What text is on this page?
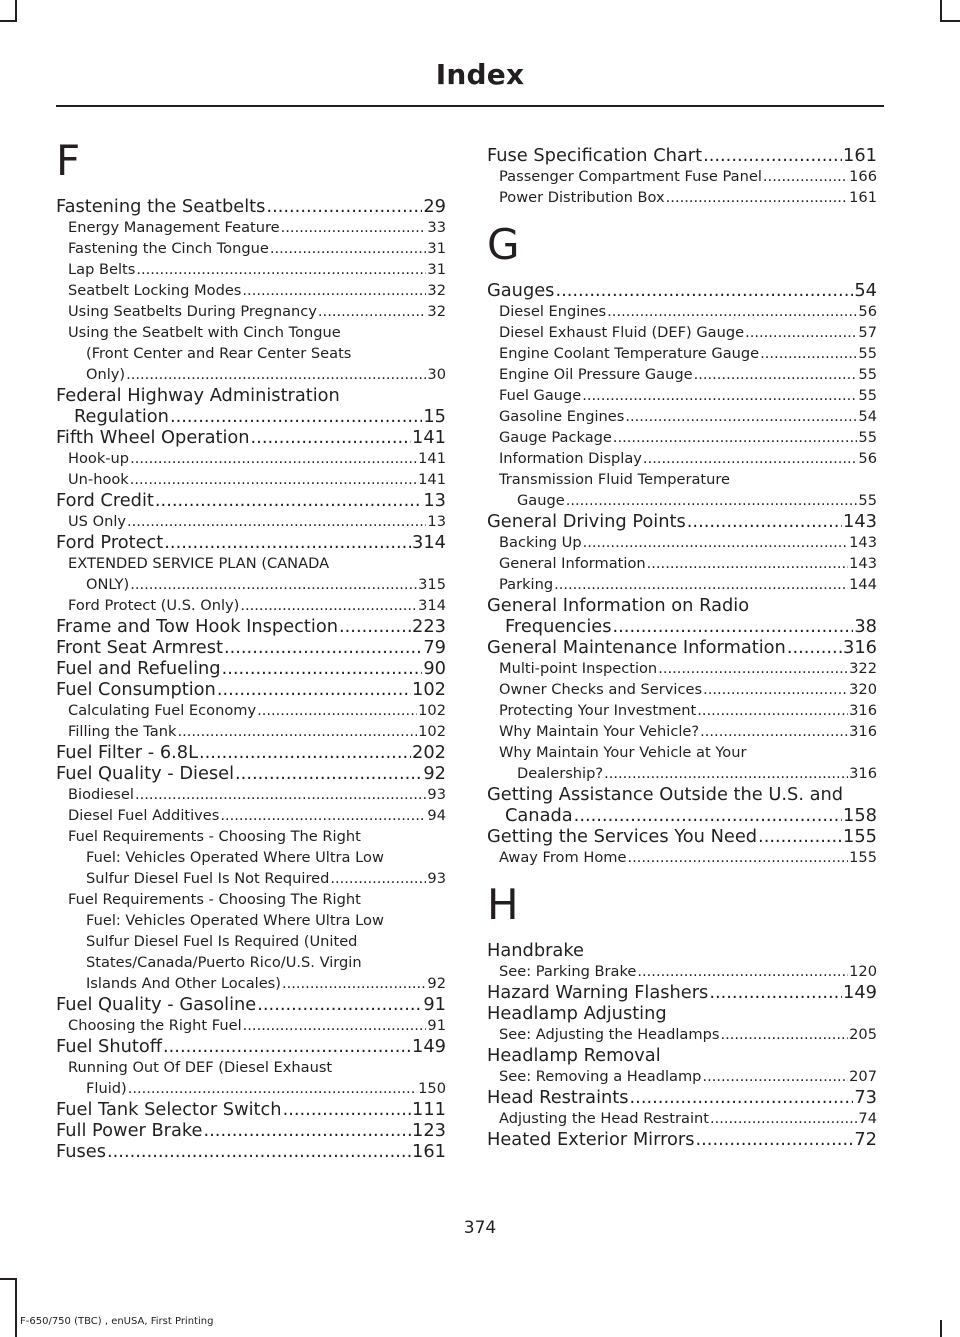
Index
F
Fastening the Seatbelts .....	29
Energy Management Feature .....	33
Fastening the Cinch Tongue .....	31
Lap Belts .....	31
Seatbelt Locking Modes .....	32
Using Seatbelts During Pregnancy .....	32
Using the Seatbelt with Cinch Tongue
(Front Center and Rear Center Seats
Only) .....	30
Federal Highway Administration
Regulation .....	15
Fifth Wheel Operation .....	141
Hook-up .....	141
Un-hook .....	141
Ford Credit .....	13
US Only .....	13
Ford Protect .....	314
EXTENDED SERVICE PLAN (CANADA
ONLY) .....	315
Ford Protect (U.S. Only) .....	314
Frame and Tow Hook Inspection .....	223
Front Seat Armrest .....	79
Fuel and Refueling .....	90
Fuel Consumption .....	102
Calculating Fuel Economy .....	102
Filling the Tank .....	102
Fuel Filter - 6.8L .....	202
Fuel Quality - Diesel .....	92
Biodiesel .....	93
Diesel Fuel Additives .....	94
Fuel Requirements - Choosing The Right
Fuel: Vehicles Operated Where Ultra Low
Sulfur Diesel Fuel Is Not Required .....	93
Fuel Requirements - Choosing The Right
Fuel: Vehicles Operated Where Ultra Low
Sulfur Diesel Fuel Is Required (United
States/Canada/Puerto Rico/U.S. Virgin
Islands And Other Locales) .....	92
Fuel Quality - Gasoline .....	91
Choosing the Right Fuel .....	91
Fuel Shutoff .....	149
Running Out Of DEF (Diesel Exhaust
Fluid) .....	150
Fuel Tank Selector Switch .....	111
Full Power Brake .....	123
Fuses .....	161
Fuse Specification Chart .....	161
Passenger Compartment Fuse Panel .....	166
Power Distribution Box .....	161
G
Gauges .....	54
Diesel Engines .....	56
Diesel Exhaust Fluid (DEF) Gauge .....	57
Engine Coolant Temperature Gauge .....	55
Engine Oil Pressure Gauge .....	55
Fuel Gauge .....	55
Gasoline Engines .....	54
Gauge Package .....	55
Information Display .....	56
Transmission Fluid Temperature
Gauge .....	55
General Driving Points .....	143
Backing Up .....	143
General Information .....	143
Parking .....	144
General Information on Radio
Frequencies .....	38
General Maintenance Information .....	316
Multi-point Inspection .....	322
Owner Checks and Services .....	320
Protecting Your Investment .....	316
Why Maintain Your Vehicle? .....	316
Why Maintain Your Vehicle at Your
Dealership? .....	316
Getting Assistance Outside the U.S. and
Canada .....	158
Getting the Services You Need .....	155
Away From Home .....	155
H
Handbrake
See: Parking Brake .....	120
Hazard Warning Flashers .....	149
Headlamp Adjusting
See: Adjusting the Headlamps .....	205
Headlamp Removal
See: Removing a Headlamp .....	207
Head Restraints .....	73
Adjusting the Head Restraint .....	74
Heated Exterior Mirrors .....	72
374
F-650/750 (TBC) , enUSA, First Printing
